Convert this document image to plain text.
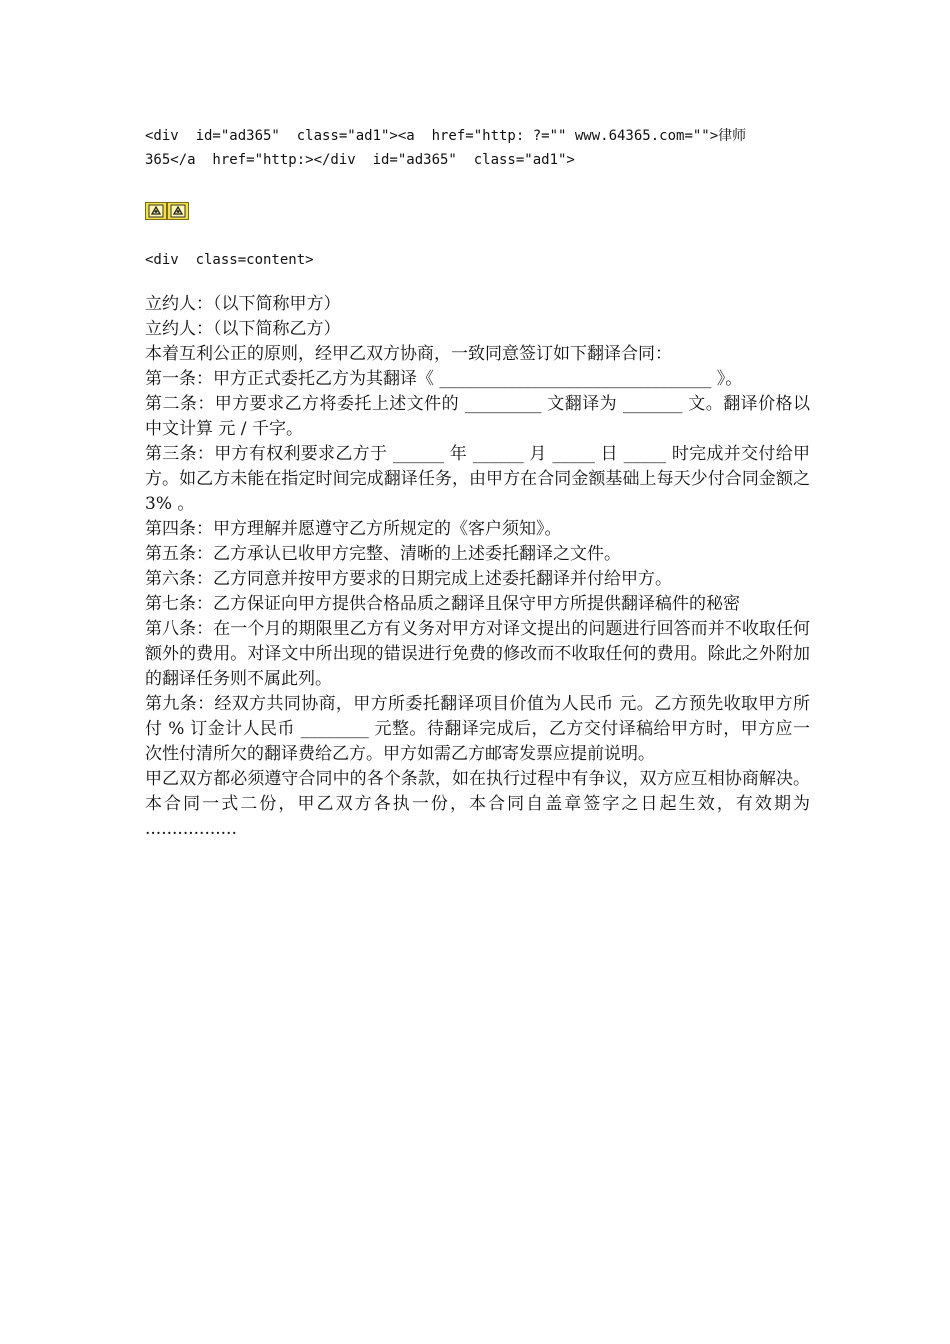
<div  id="ad365"  class="ad1"><a  href="http: ?="" www.64365.com="">律师

365</a  href="http:></div  id="ad365"  class="ad1">

<div  class=content>

立约人：（以下简称甲方）

立约人：（以下简称乙方）

本着互利公正的原则，经甲乙双方协商，一致同意签订如下翻译合同：

第一条：甲方正式委托乙方为其翻译《 ________________________________ 》。

第二条：甲方要求乙方将委托上述文件的 _________ 文翻译为 _______ 文。翻译价格以中文计算 元 / 千字。

第三条：甲方有权利要求乙方于 ______ 年 ______ 月 _____ 日 _____ 时完成并交付给甲方。如乙方未能在指定时间完成翻译任务，由甲方在合同金额基础上每天少付合同金额之 3% 。

第四条：甲方理解并愿遵守乙方所规定的《客户须知》。

第五条：乙方承认已收甲方完整、清晰的上述委托翻译之文件。

第六条：乙方同意并按甲方要求的日期完成上述委托翻译并付给甲方。

第七条：乙方保证向甲方提供合格品质之翻译且保守甲方所提供翻译稿件的秘密

第八条：在一个月的期限里乙方有义务对甲方对译文提出的问题进行回答而并不收取任何额外的费用。对译文中所出现的错误进行免费的修改而不收取任何的费用。除此之外附加的翻译任务则不属此列。

第九条：经双方共同协商，甲方所委托翻译项目价值为人民币 元。乙方预先收取甲方所付 % 订金计人民币 ________ 元整。待翻译完成后，乙方交付译稿给甲方时，甲方应一次性付清所欠的翻译费给乙方。甲方如需乙方邮寄发票应提前说明。

甲乙双方都必须遵守合同中的各个条款，如在执行过程中有争议，双方应互相协商解决。本合同一式二份，甲乙双方各执一份，本合同自盖章签字之日起生效，有效期为 .................
